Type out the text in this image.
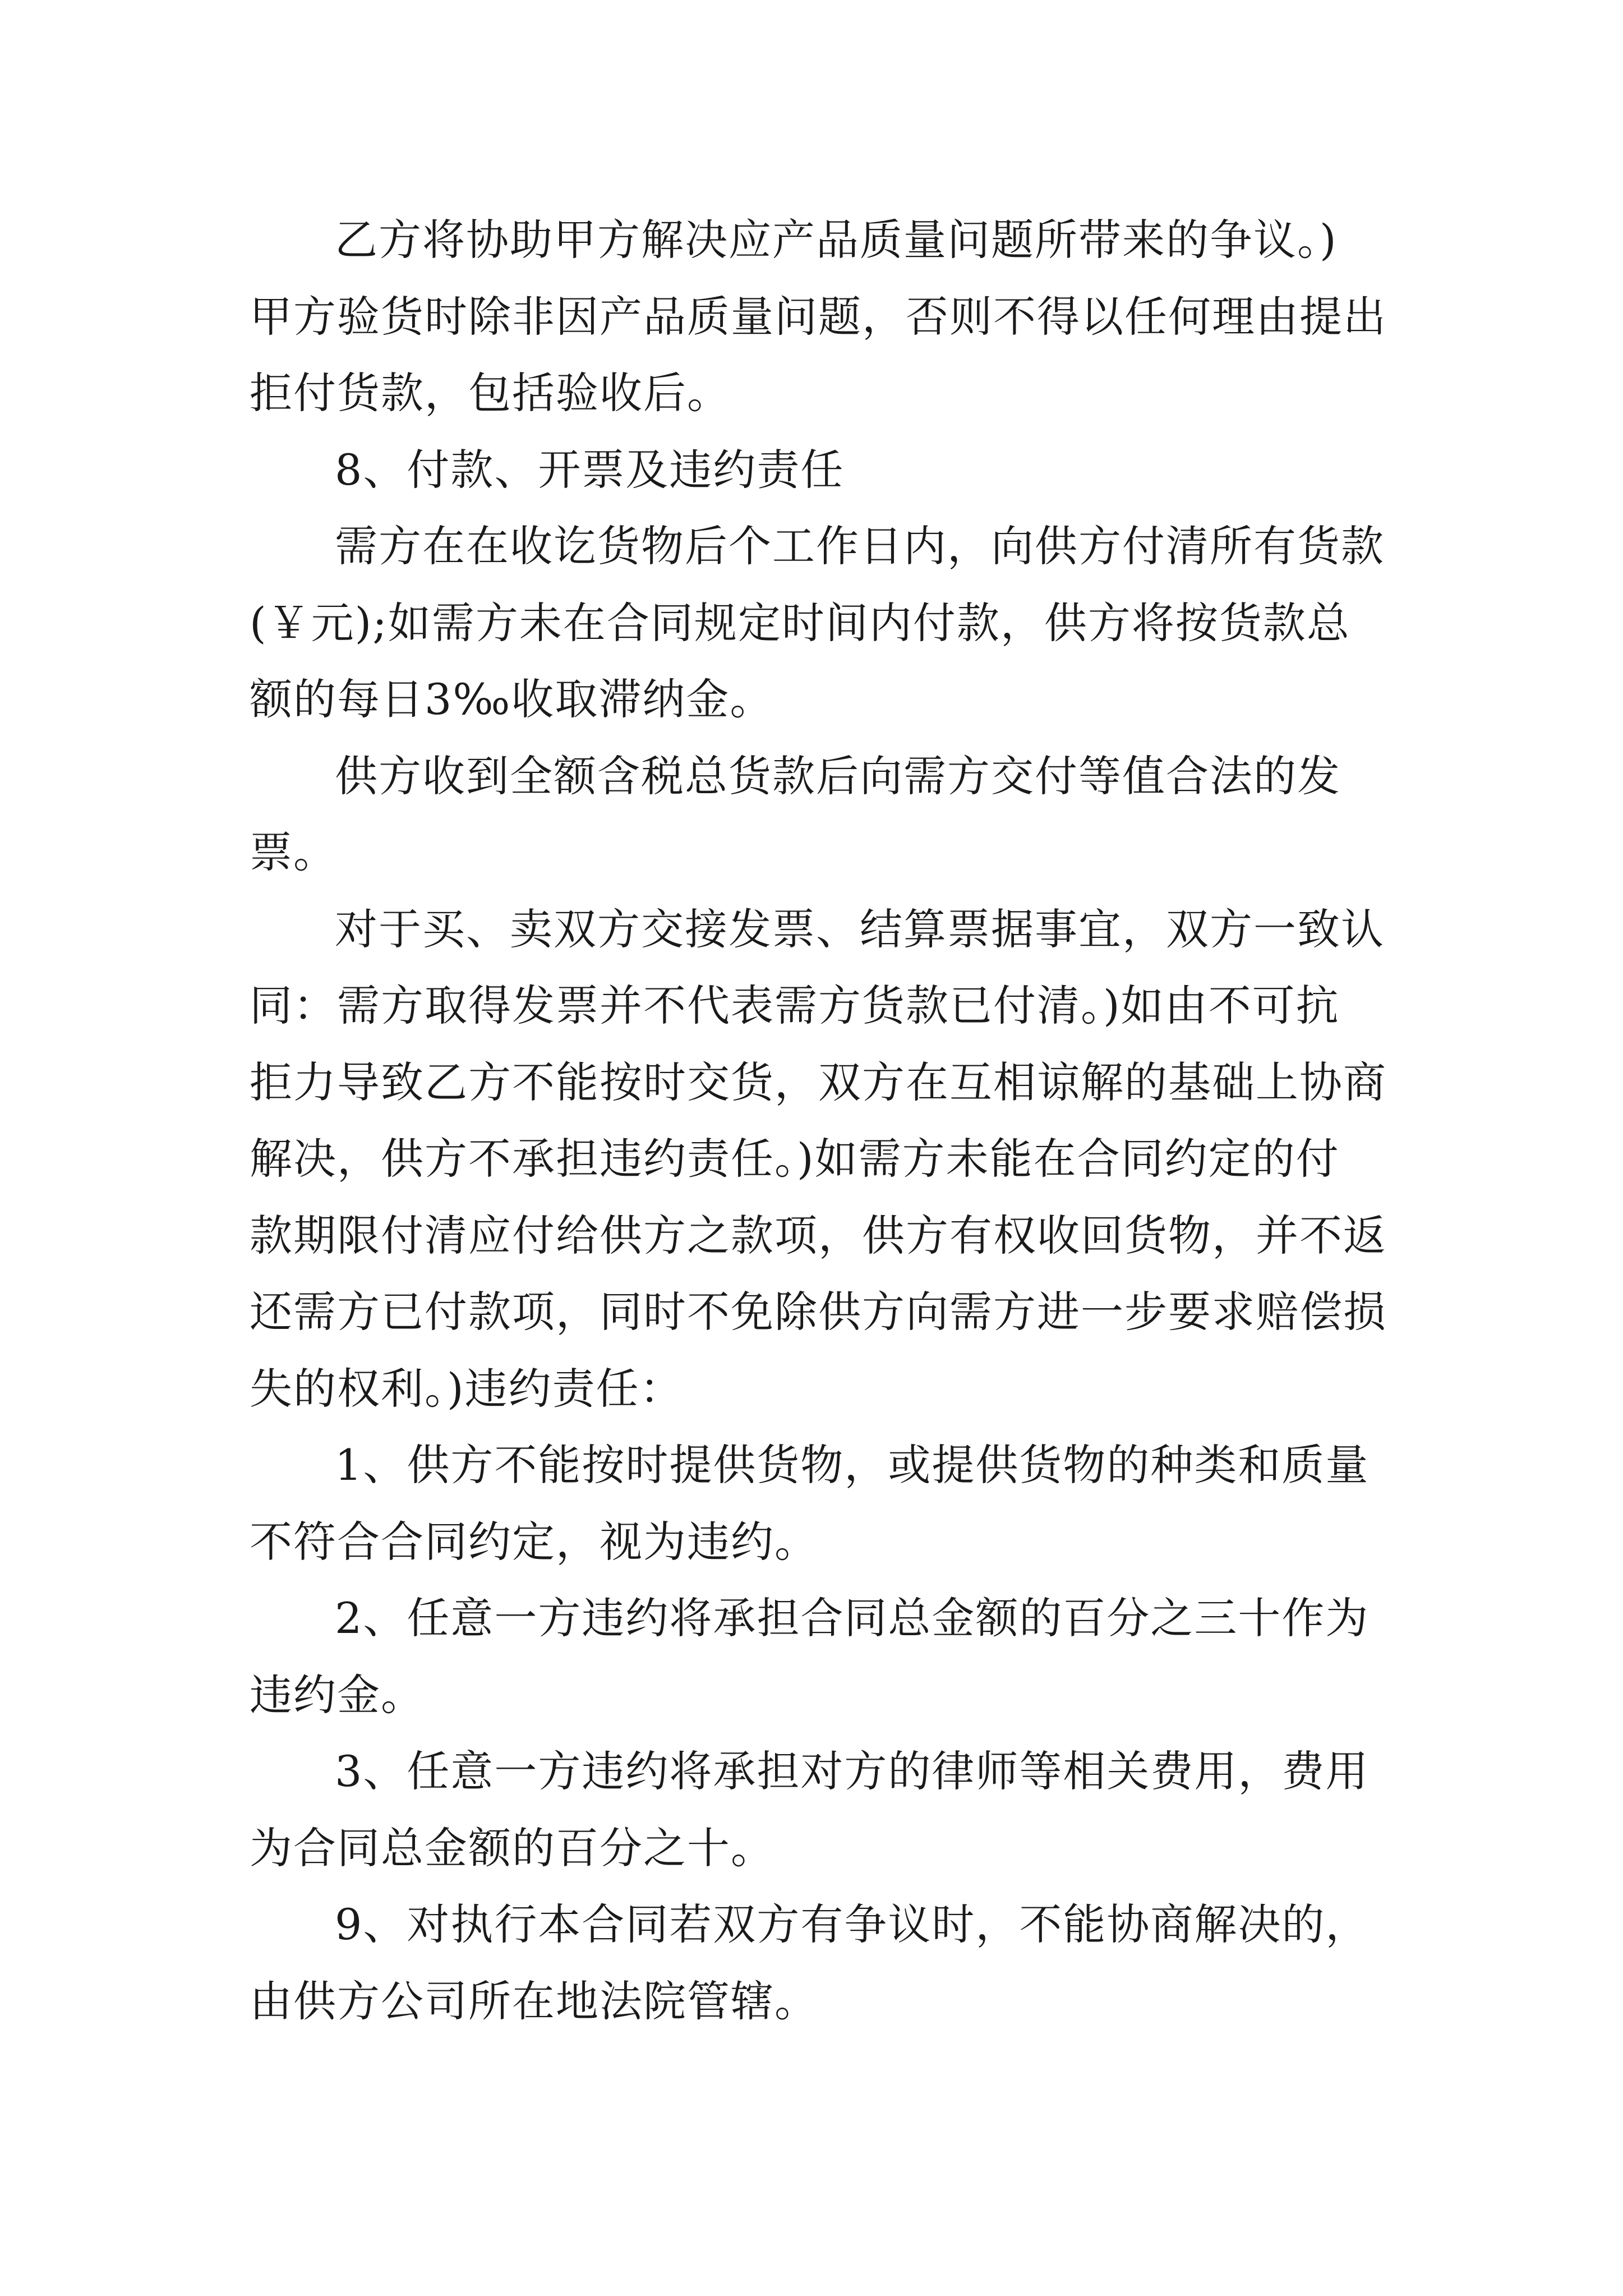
乙方将协助甲方解决应产品质量问题所带来的争议。)
甲方验货时除非因产品质量问题，否则不得以任何理由提出
拒付货款，包括验收后。
8、付款、开票及违约责任
需方在在收讫货物后个工作日内，向供方付清所有货款
(￥元);如需方未在合同规定时间内付款，供方将按货款总
额的每日3‰收取滞纳金。
供方收到全额含税总货款后向需方交付等值合法的发
票。
对于买、卖双方交接发票、结算票据事宜，双方一致认
同：需方取得发票并不代表需方货款已付清。)如由不可抗
拒力导致乙方不能按时交货，双方在互相谅解的基础上协商
解决，供方不承担违约责任。)如需方未能在合同约定的付
款期限付清应付给供方之款项，供方有权收回货物，并不返
还需方已付款项，同时不免除供方向需方进一步要求赔偿损
失的权利。)违约责任：
1、供方不能按时提供货物，或提供货物的种类和质量
不符合合同约定，视为违约。
2、任意一方违约将承担合同总金额的百分之三十作为
违约金。
3、任意一方违约将承担对方的律师等相关费用，费用
为合同总金额的百分之十。
9、对执行本合同若双方有争议时，不能协商解决的，
由供方公司所在地法院管辖。
